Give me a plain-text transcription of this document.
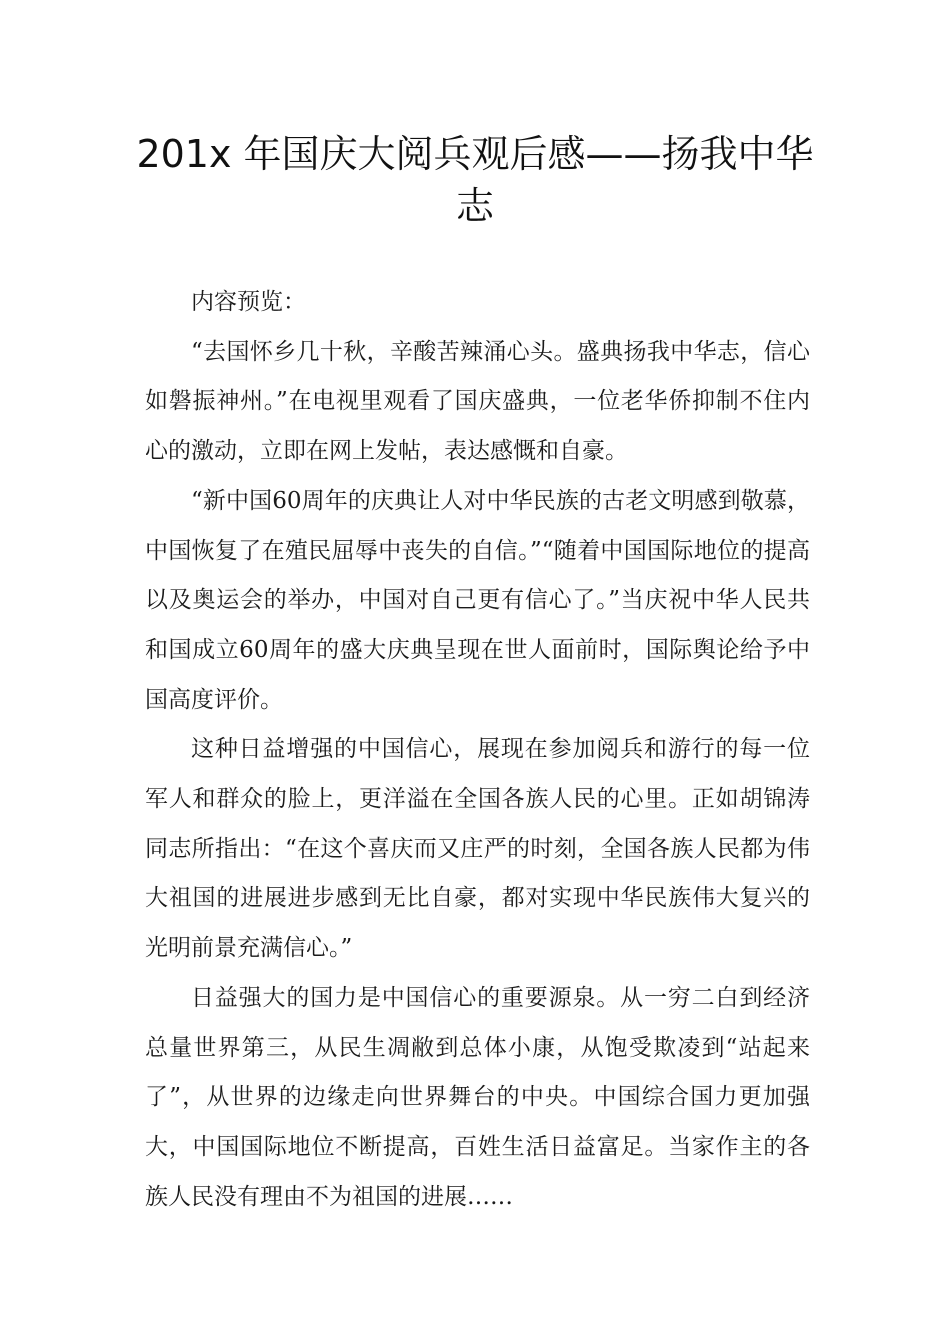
201x 年国庆大阅兵观后感——扬我中华志

内容预览：

“去国怀乡几十秋，辛酸苦辣涌心头。盛典扬我中华志，信心如磐振神州。”在电视里观看了国庆盛典，一位老华侨抑制不住内心的激动，立即在网上发帖，表达感慨和自豪。

“新中国60周年的庆典让人对中华民族的古老文明感到敬慕，中国恢复了在殖民屈辱中丧失的自信。”“随着中国国际地位的提高以及奥运会的举办，中国对自己更有信心了。”当庆祝中华人民共和国成立60周年的盛大庆典呈现在世人面前时，国际舆论给予中国高度评价。

这种日益增强的中国信心，展现在参加阅兵和游行的每一位军人和群众的脸上，更洋溢在全国各族人民的心里。正如胡锦涛同志所指出：“在这个喜庆而又庄严的时刻，全国各族人民都为伟大祖国的进展进步感到无比自豪，都对实现中华民族伟大复兴的光明前景充满信心。”

日益强大的国力是中国信心的重要源泉。从一穷二白到经济总量世界第三，从民生凋敝到总体小康，从饱受欺凌到“站起来了”，从世界的边缘走向世界舞台的中央。中国综合国力更加强大，中国国际地位不断提高，百姓生活日益富足。当家作主的各族人民没有理由不为祖国的进展……
